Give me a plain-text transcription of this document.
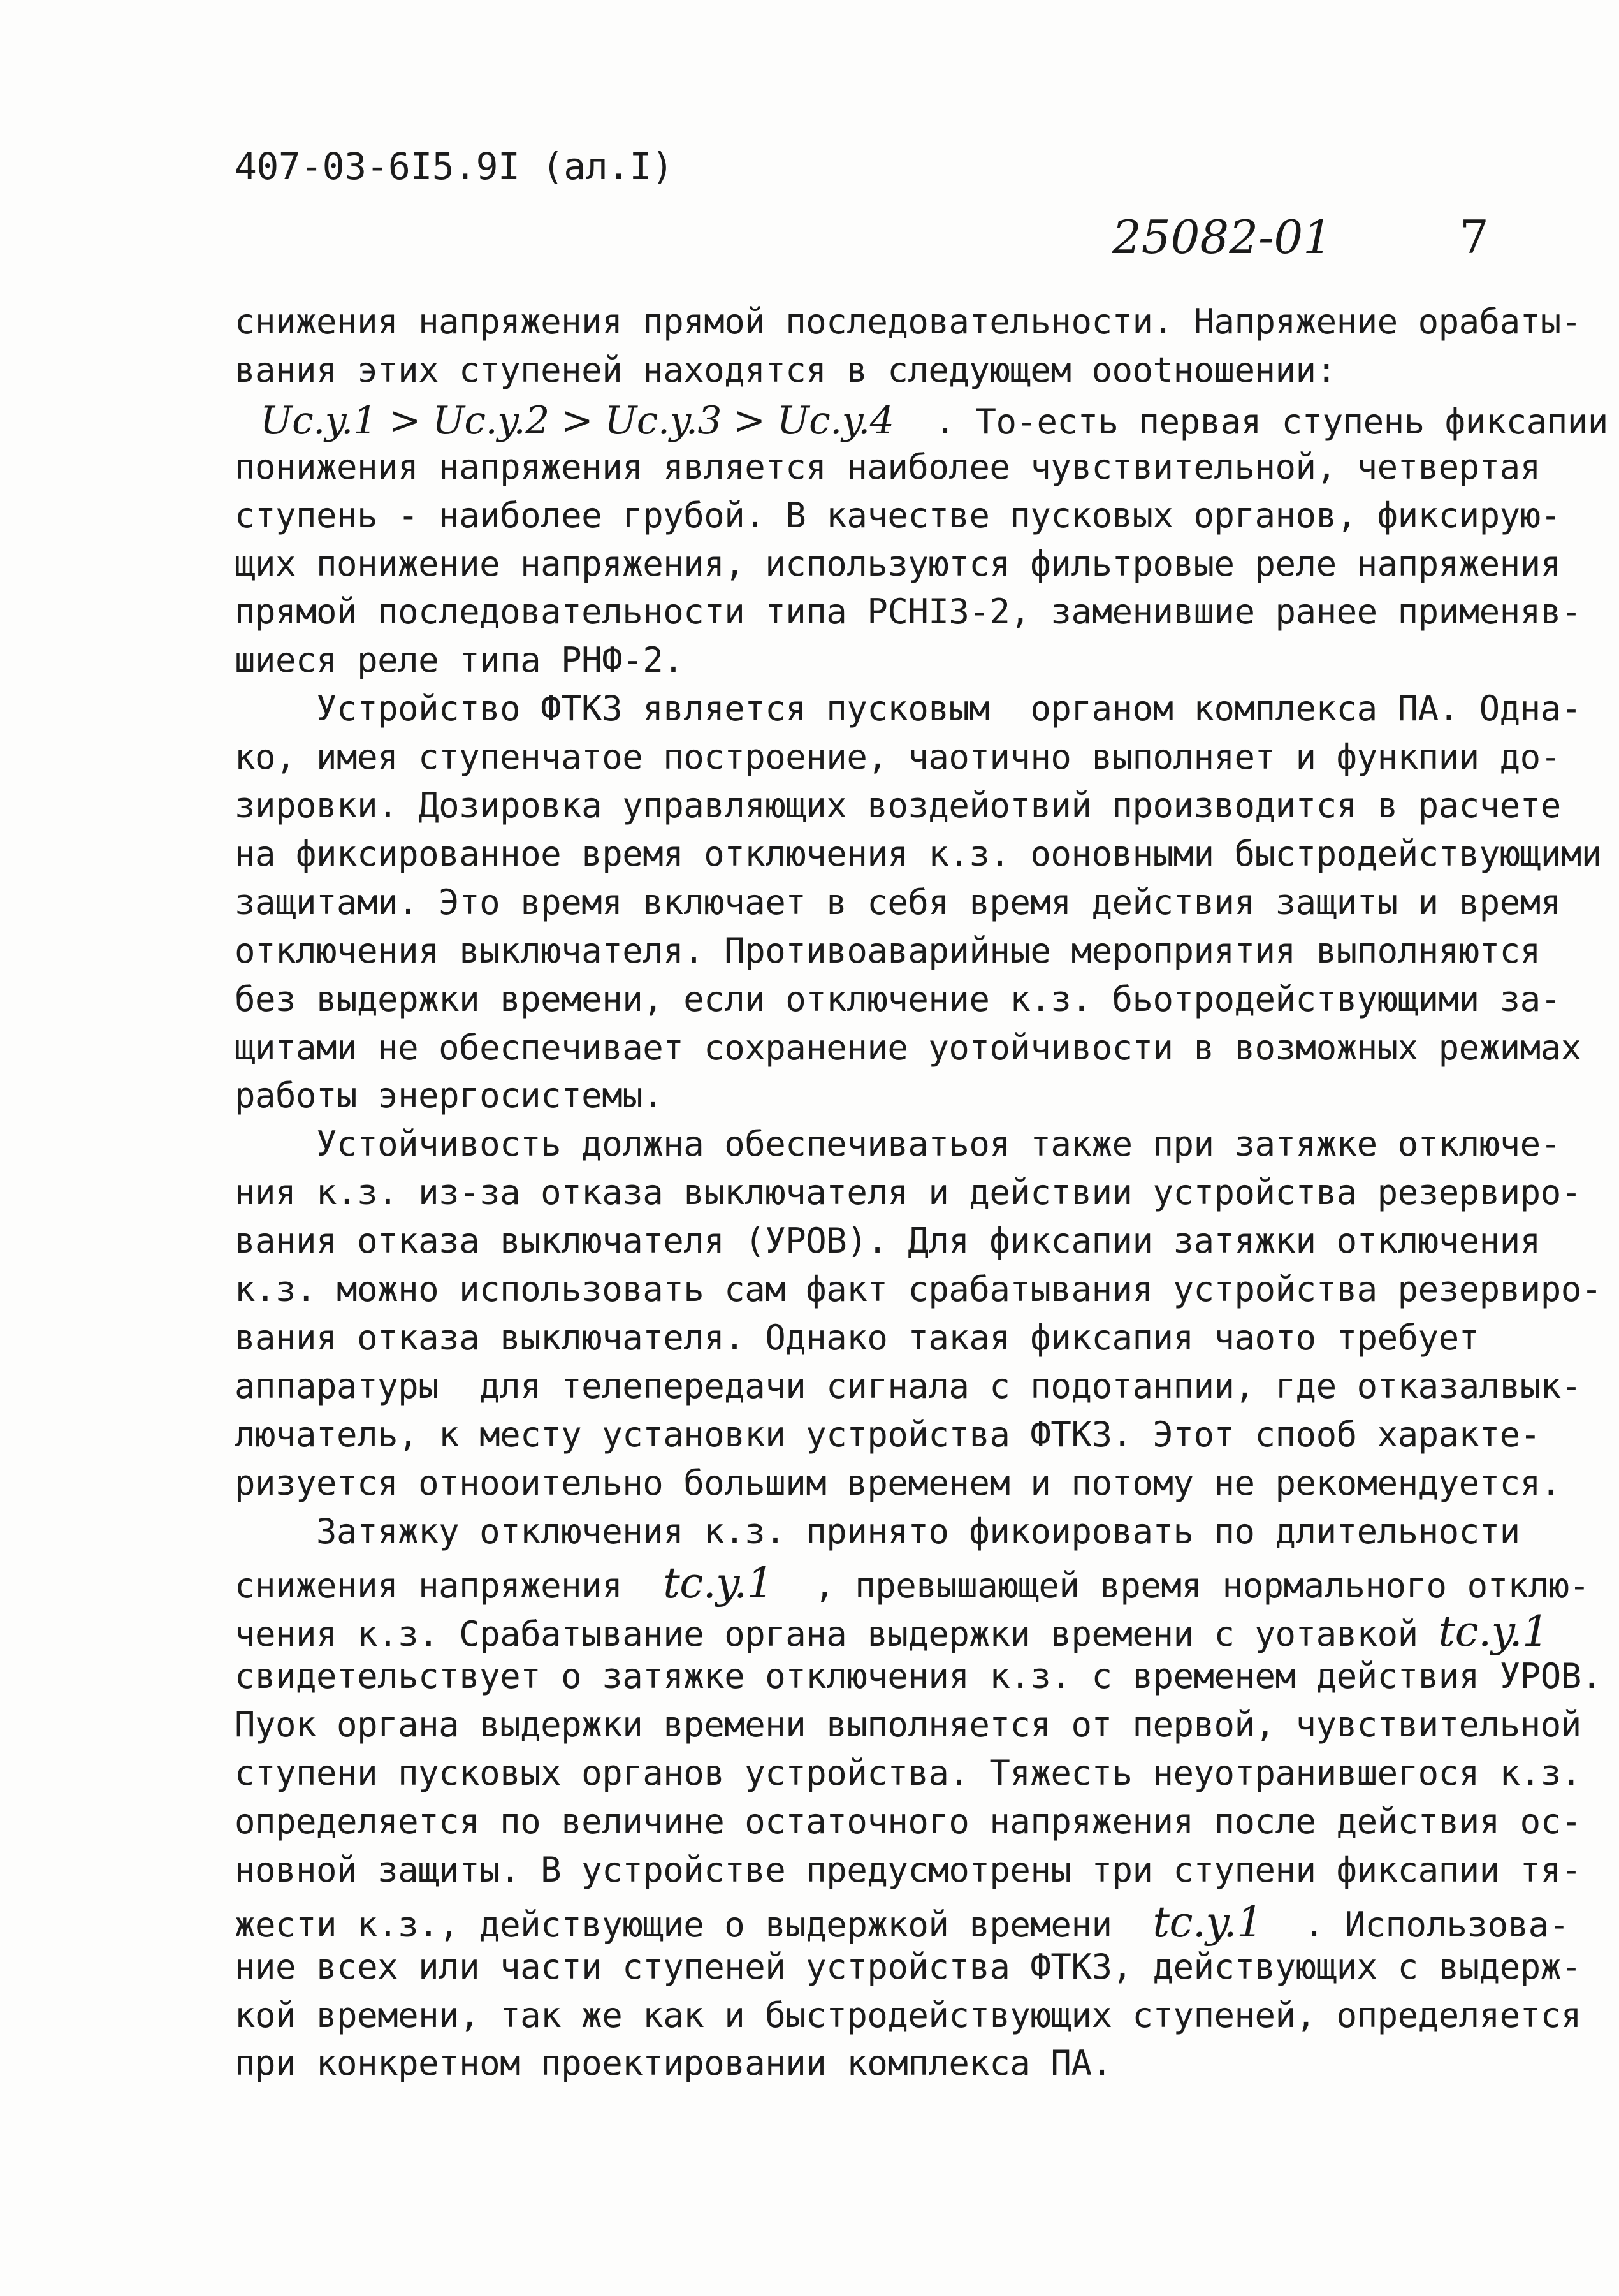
407-03-6I5.9I (ал.I)
25082-01	7
снижения напряжения прямой последовательности. Напряжение орабаты-
вания этих ступеней находятся в следующем оootношении:
Uc.y.1 > Uc.y.2 > Uc.y.3 > Uc.y.4  . То-есть первая ступень фиксапии
понижения напряжения является наиболее чувствительной, четвертая
ступень - наиболее грубой. В качестве пусковых органов, фиксирую-
щих понижение напряжения, используются фильтровые реле напряжения
прямой последовательности типа РСНI3-2, заменившие ранее применяв-
шиеся реле типа РНФ-2.
Устройство ФТКЗ является пусковым  органом комплекса ПА. Одна-
ко, имея ступенчатое построение, чаотично выполняет и функпии до-
зировки. Дозировка управляющих воздейотвий производится в расчете
на фиксированное время отключения к.з. оонoвными быстродействующими
защитами. Это время включает в себя время действия защиты и время
отключения выключателя. Противоаварийные мероприятия выполняются
без выдержки времени, если отключение к.з. бьотродействующими за-
щитами не обеспечивает сохранение уотойчивости в возможных режимах
работы энергосистемы.
Устойчивость должна обеспечиватьоя также при затяжке отключе-
ния к.з. из-за отказа выключателя и действии устройства резервиро-
вания отказа выключателя (УРОВ). Для фиксапии затяжки отключения
к.з. можно использовать сам факт срабатывания устройства резервиро-
вания отказа выключателя. Однако такая фиксапия чаото требует
аппаратуры  для телепередачи сигнала с подотанпии, где отказалвык-
лючатель, к месту установки устройства ФТКЗ. Этот спооб характе-
ризуется отноoительно большим временем и потому не рекомендуется.
Затяжку отключения к.з. принято фикоировать по длительности
снижения напряжения  tc.y.1  , превышающей время нормального отклю-
чения к.з. Срабатывание органа выдержки времени с уотавкой tc.y.1
свидетельствует о затяжке отключения к.з. с временем действия УРОВ.
Пуок органа выдержки времени выполняется от первой, чувствительной
ступени пусковых органов устройства. Тяжесть неуотранившегося к.з.
определяется по величине остаточного напряжения после действия ос-
новной защиты. В устройстве предусмотрены три ступени фиксапии тя-
жести к.з., действующие о выдержкой времени  tc.y.1  . Использова-
ние всех или части ступеней устройства ФТКЗ, действующих с выдерж-
кой времени, так же как и быстродействующих ступеней, определяется
при конкретном проектировании комплекса ПА.
